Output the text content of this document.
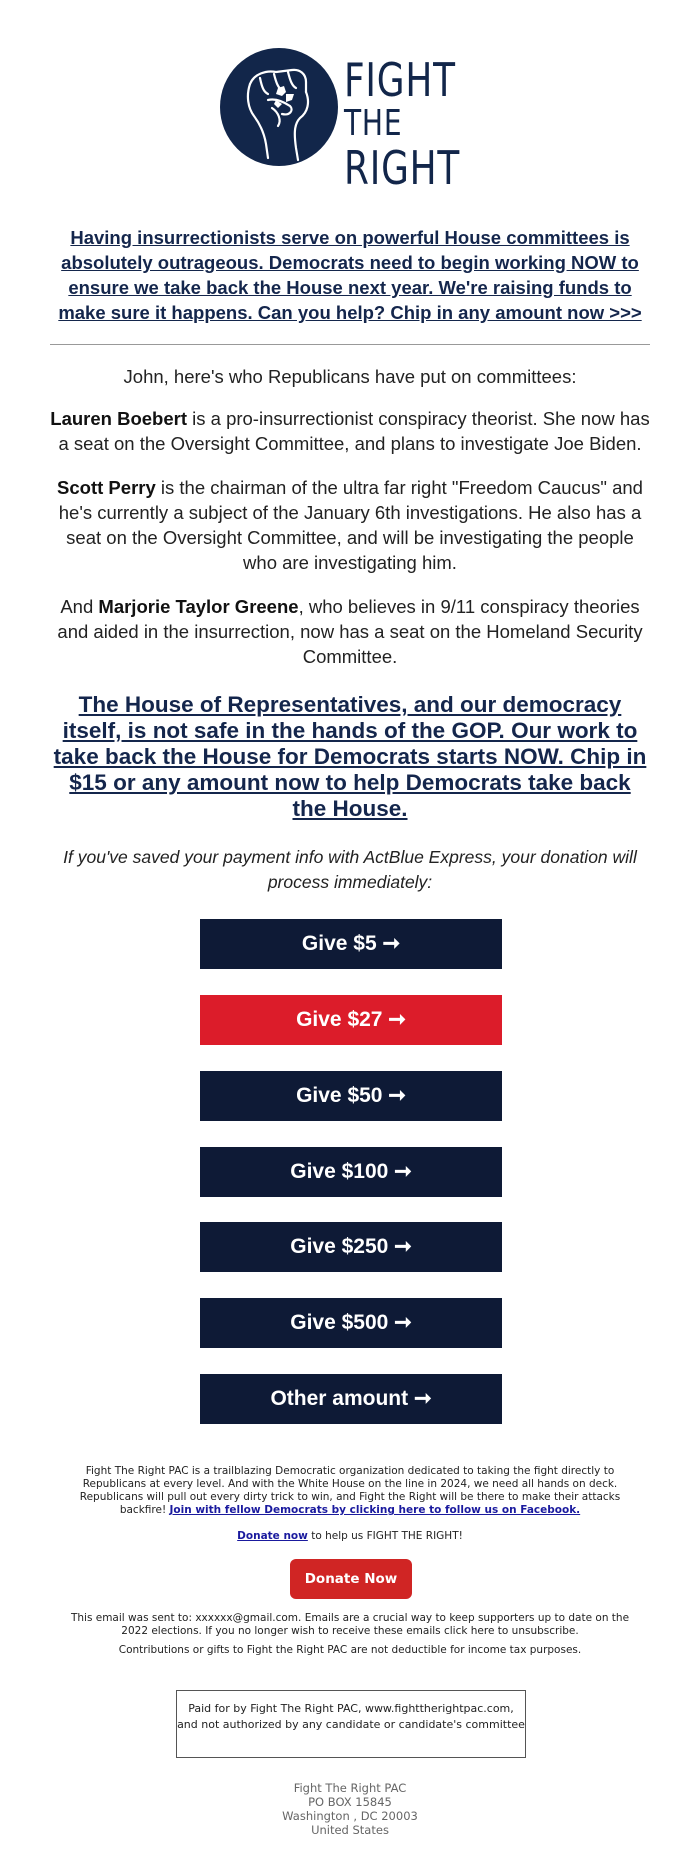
FIGHT
THE RIGHT
Having insurrectionists serve on powerful House committees is absolutely outrageous. Democrats need to begin working NOW to ensure we take back the House next year. We're raising funds to make sure it happens. Can you help? Chip in any amount now >>>
John, here's who Republicans have put on committees:
Lauren Boebert is a pro-insurrectionist conspiracy theorist. She now has a seat on the Oversight Committee, and plans to investigate Joe Biden.
Scott Perry is the chairman of the ultra far right "Freedom Caucus" and he's currently a subject of the January 6th investigations. He also has a seat on the Oversight Committee, and will be investigating the people who are investigating him.
And Marjorie Taylor Greene, who believes in 9/11 conspiracy theories and aided in the insurrection, now has a seat on the Homeland Security Committee.
The House of Representatives, and our democracy itself, is not safe in the hands of the GOP. Our work to take back the House for Democrats starts NOW. Chip in $15 or any amount now to help Democrats take back the House.
If you've saved your payment info with ActBlue Express, your donation will process immediately:
Give $5 ➞
Give $27 ➞
Give $50 ➞
Give $100 ➞
Give $250 ➞
Give $500 ➞
Other amount ➞
Fight The Right PAC is a trailblazing Democratic organization dedicated to taking the fight directly to Republicans at every level. And with the White House on the line in 2024, we need all hands on deck. Republicans will pull out every dirty trick to win, and Fight the Right will be there to make their attacks backfire! Join with fellow Democrats by clicking here to follow us on Facebook.
Donate now to help us FIGHT THE RIGHT!
Donate Now
This email was sent to: xxxxxx@gmail.com. Emails are a crucial way to keep supporters up to date on the 2022 elections. If you no longer wish to receive these emails click here to unsubscribe.
Contributions or gifts to Fight the Right PAC are not deductible for income tax purposes.
Paid for by Fight The Right PAC, www.fighttherightpac.com, and not authorized by any candidate or candidate's committee
Fight The Right PAC
PO BOX 15845
Washington , DC 20003
United States
